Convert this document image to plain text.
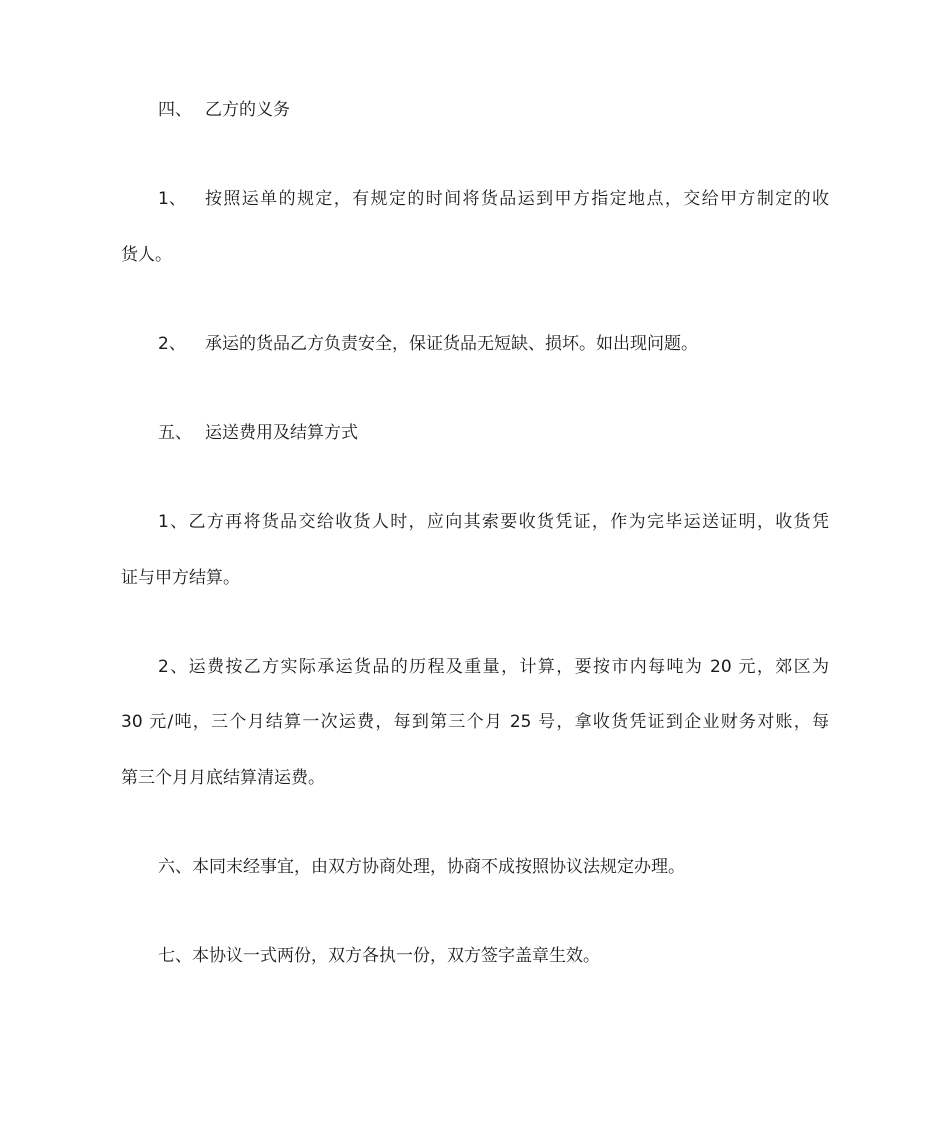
四、 乙方的义务
1、 按照运单的规定，有规定的时间将货品运到甲方指定地点，交给甲方制定的收
货人。
2、 承运的货品乙方负责安全，保证货品无短缺、损坏。如出现问题。
五、 运送费用及结算方式
1、乙方再将货品交给收货人时，应向其索要收货凭证，作为完毕运送证明，收货凭
证与甲方结算。
2、运费按乙方实际承运货品的历程及重量，计算，要按市内每吨为 20 元，郊区为
30 元/吨，三个月结算一次运费，每到第三个月 25 号，拿收货凭证到企业财务对账，每
第三个月月底结算清运费。
六、本同末经事宜，由双方协商处理，协商不成按照协议法规定办理。
七、本协议一式两份，双方各执一份，双方签字盖章生效。
